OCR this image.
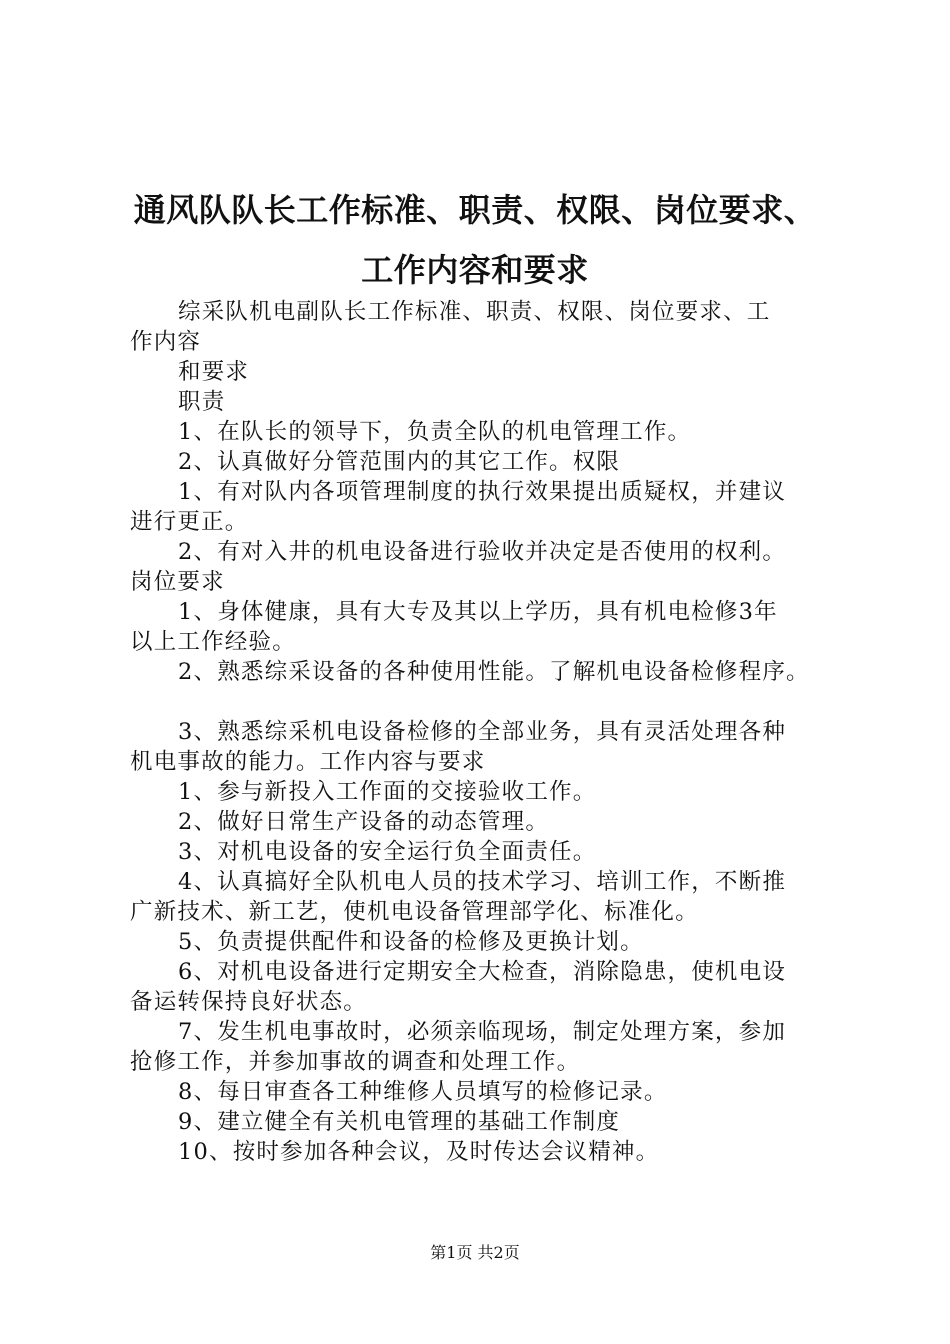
通风队队长工作标准、职责、权限、岗位要求、
工作内容和要求
综采队机电副队长工作标准、职责、权限、岗位要求、工
作内容
和要求
职责
1、在队长的领导下，负责全队的机电管理工作。
2、认真做好分管范围内的其它工作。权限
1、有对队内各项管理制度的执行效果提出质疑权，并建议
进行更正。
2、有对入井的机电设备进行验收并决定是否使用的权利。
岗位要求
1、身体健康，具有大专及其以上学历，具有机电检修3年
以上工作经验。
2、熟悉综采设备的各种使用性能。了解机电设备检修程序。
3、熟悉综采机电设备检修的全部业务，具有灵活处理各种
机电事故的能力。工作内容与要求
1、参与新投入工作面的交接验收工作。
2、做好日常生产设备的动态管理。
3、对机电设备的安全运行负全面责任。
4、认真搞好全队机电人员的技术学习、培训工作，不断推
广新技术、新工艺，使机电设备管理部学化、标准化。
5、负责提供配件和设备的检修及更换计划。
6、对机电设备进行定期安全大检查，消除隐患，使机电设
备运转保持良好状态。
7、发生机电事故时，必须亲临现场，制定处理方案，参加
抢修工作，并参加事故的调查和处理工作。
8、每日审查各工种维修人员填写的检修记录。
9、建立健全有关机电管理的基础工作制度
10、按时参加各种会议，及时传达会议精神。
第1页 共2页
